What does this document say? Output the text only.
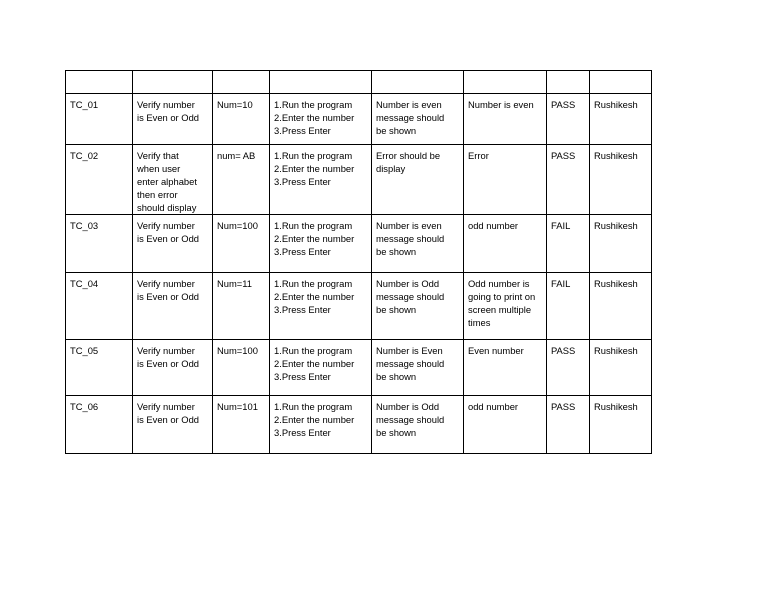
TC_01	Verify number
is Even or Odd	Num=10	1.Run the program
2.Enter the number
3.Press Enter	Number is even
message should
be shown	Number is even	PASS	Rushikesh
TC_02	Verify that
when user
enter alphabet
then error
should display	num= AB	1.Run the program
2.Enter the number
3.Press Enter	Error should be
display	Error	PASS	Rushikesh
TC_03	Verify number
is Even or Odd	Num=100	1.Run the program
2.Enter the number
3.Press Enter	Number is even
message should
be shown	odd number	FAIL	Rushikesh
TC_04	Verify number
is Even or Odd	Num=11	1.Run the program
2.Enter the number
3.Press Enter	Number is Odd
message should
be shown	Odd number is
going to print on
screen multiple
times	FAIL	Rushikesh
TC_05	Verify number
is Even or Odd	Num=100	1.Run the program
2.Enter the number
3.Press Enter	Number is Even
message should
be shown	Even number	PASS	Rushikesh
TC_06	Verify number
is Even or Odd	Num=101	1.Run the program
2.Enter the number
3.Press Enter	Number is Odd
message should
be shown	odd number	PASS	Rushikesh
